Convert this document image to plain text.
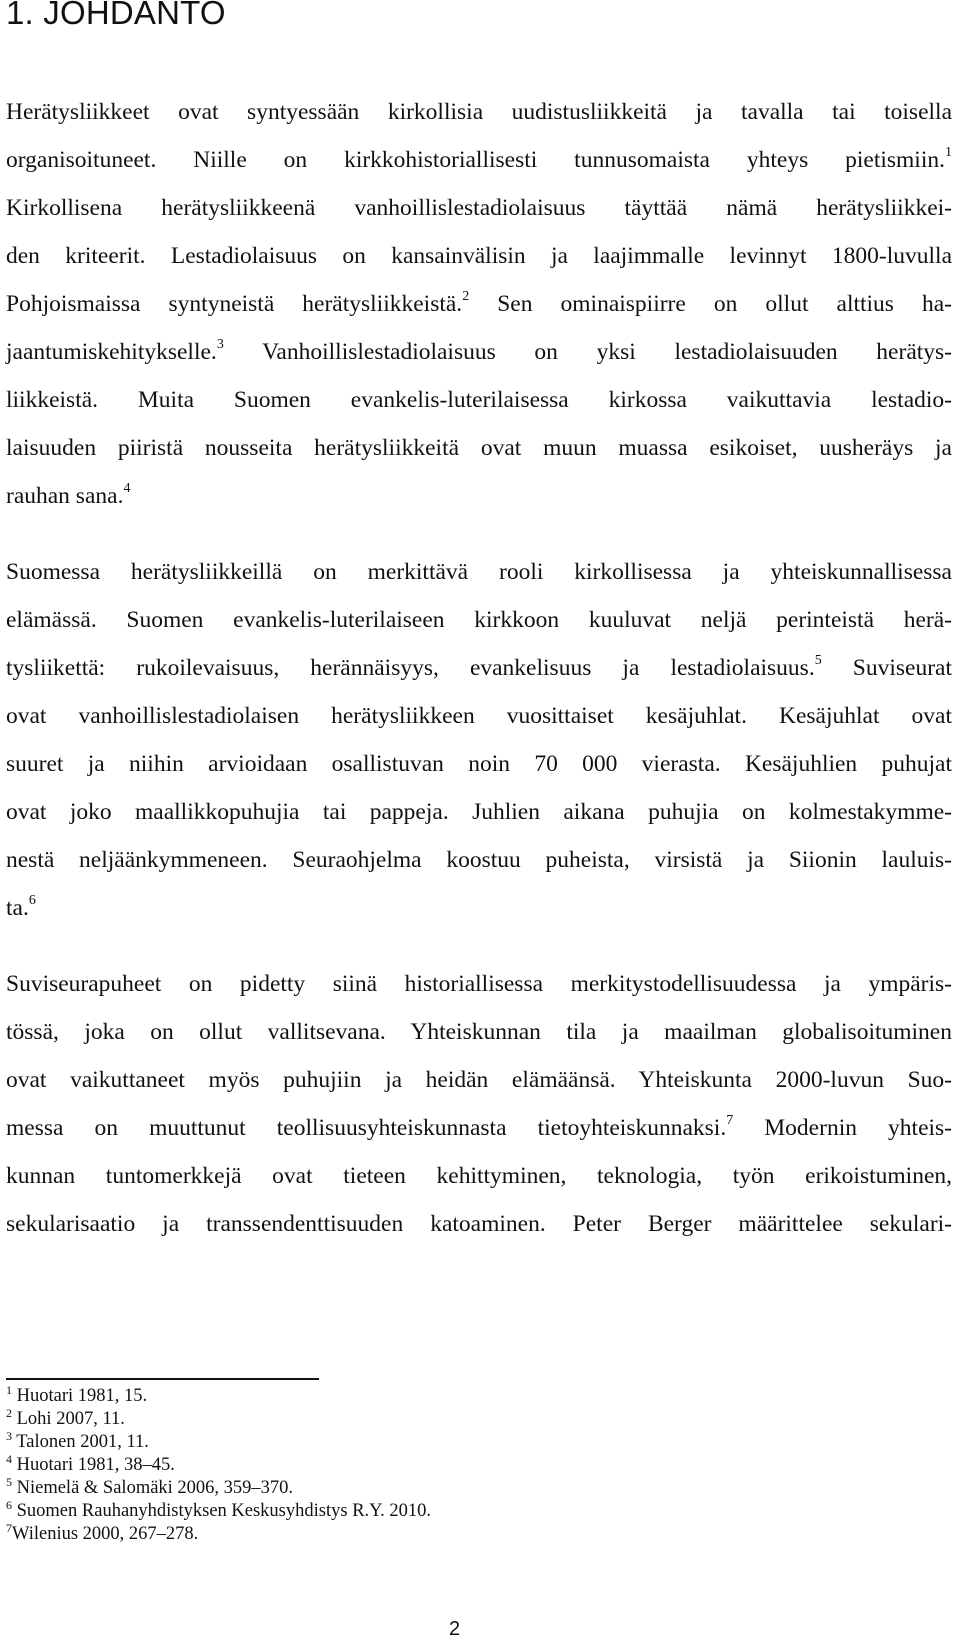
1. JOHDANTO
Herätysliikkeet ovat syntyessään kirkollisia uudistusliikkeitä ja tavalla tai toisella
organisoituneet. Niille on kirkkohistoriallisesti tunnusomaista yhteys pietismiin.$^1$
Kirkollisena herätysliikkeenä vanhoillislestadiolaisuus täyttää nämä herätysliikkei-
den kriteerit. Lestadiolaisuus on kansainvälisin ja laajimmalle levinnyt 1800-luvulla
Pohjoismaissa syntyneistä herätysliikkeistä.$^2$ Sen ominaispiirre on ollut alttius ha-
jaantumiskehitykselle.$^3$ Vanhoillislestadiolaisuus on yksi lestadiolaisuuden herätys-
liikkeistä. Muita Suomen evankelis-luterilaisessa kirkossa vaikuttavia lestadio-
laisuuden piiristä nousseita herätysliikkeitä ovat muun muassa esikoiset, uusheräys ja
rauhan sana.$^4$
Suomessa herätysliikkeillä on merkittävä rooli kirkollisessa ja yhteiskunnallisessa
elämässä. Suomen evankelis-luterilaiseen kirkkoon kuuluvat neljä perinteistä herä-
tysliikettä: rukoilevaisuus, herännäisyys, evankelisuus ja lestadiolaisuus.$^5$ Suviseurat
ovat vanhoillislestadiolaisen herätysliikkeen vuosittaiset kesäjuhlat. Kesäjuhlat ovat
suuret ja niihin arvioidaan osallistuvan noin 70 000 vierasta. Kesäjuhlien puhujat
ovat joko maallikkopuhujia tai pappeja. Juhlien aikana puhujia on kolmestakymme-
nestä neljäänkymmeneen. Seuraohjelma koostuu puheista, virsistä ja Siionin lauluis-
ta.$^6$
Suviseurapuheet on pidetty siinä historiallisessa merkitystodellisuudessa ja ympäris-
tössä, joka on ollut vallitsevana. Yhteiskunnan tila ja maailman globalisoituminen
ovat vaikuttaneet myös puhujiin ja heidän elämäänsä. Yhteiskunta 2000-luvun Suo-
messa on muuttunut teollisuusyhteiskunnasta tietoyhteiskunnaksi.$^7$ Modernin yhteis-
kunnan tuntomerkkejä ovat tieteen kehittyminen, teknologia, työn erikoistuminen,
sekularisaatio ja transsendenttisuuden katoaminen. Peter Berger määrittelee sekulari-
$^1$ Huotari 1981, 15.
$^2$ Lohi 2007, 11.
$^3$ Talonen 2001, 11.
$^4$ Huotari 1981, 38–45.
$^5$ Niemelä & Salomäki 2006, 359–370.
$^6$ Suomen Rauhanyhdistyksen Keskusyhdistys R.Y. 2010.
$^7$Wilenius 2000, 267–278.
2
